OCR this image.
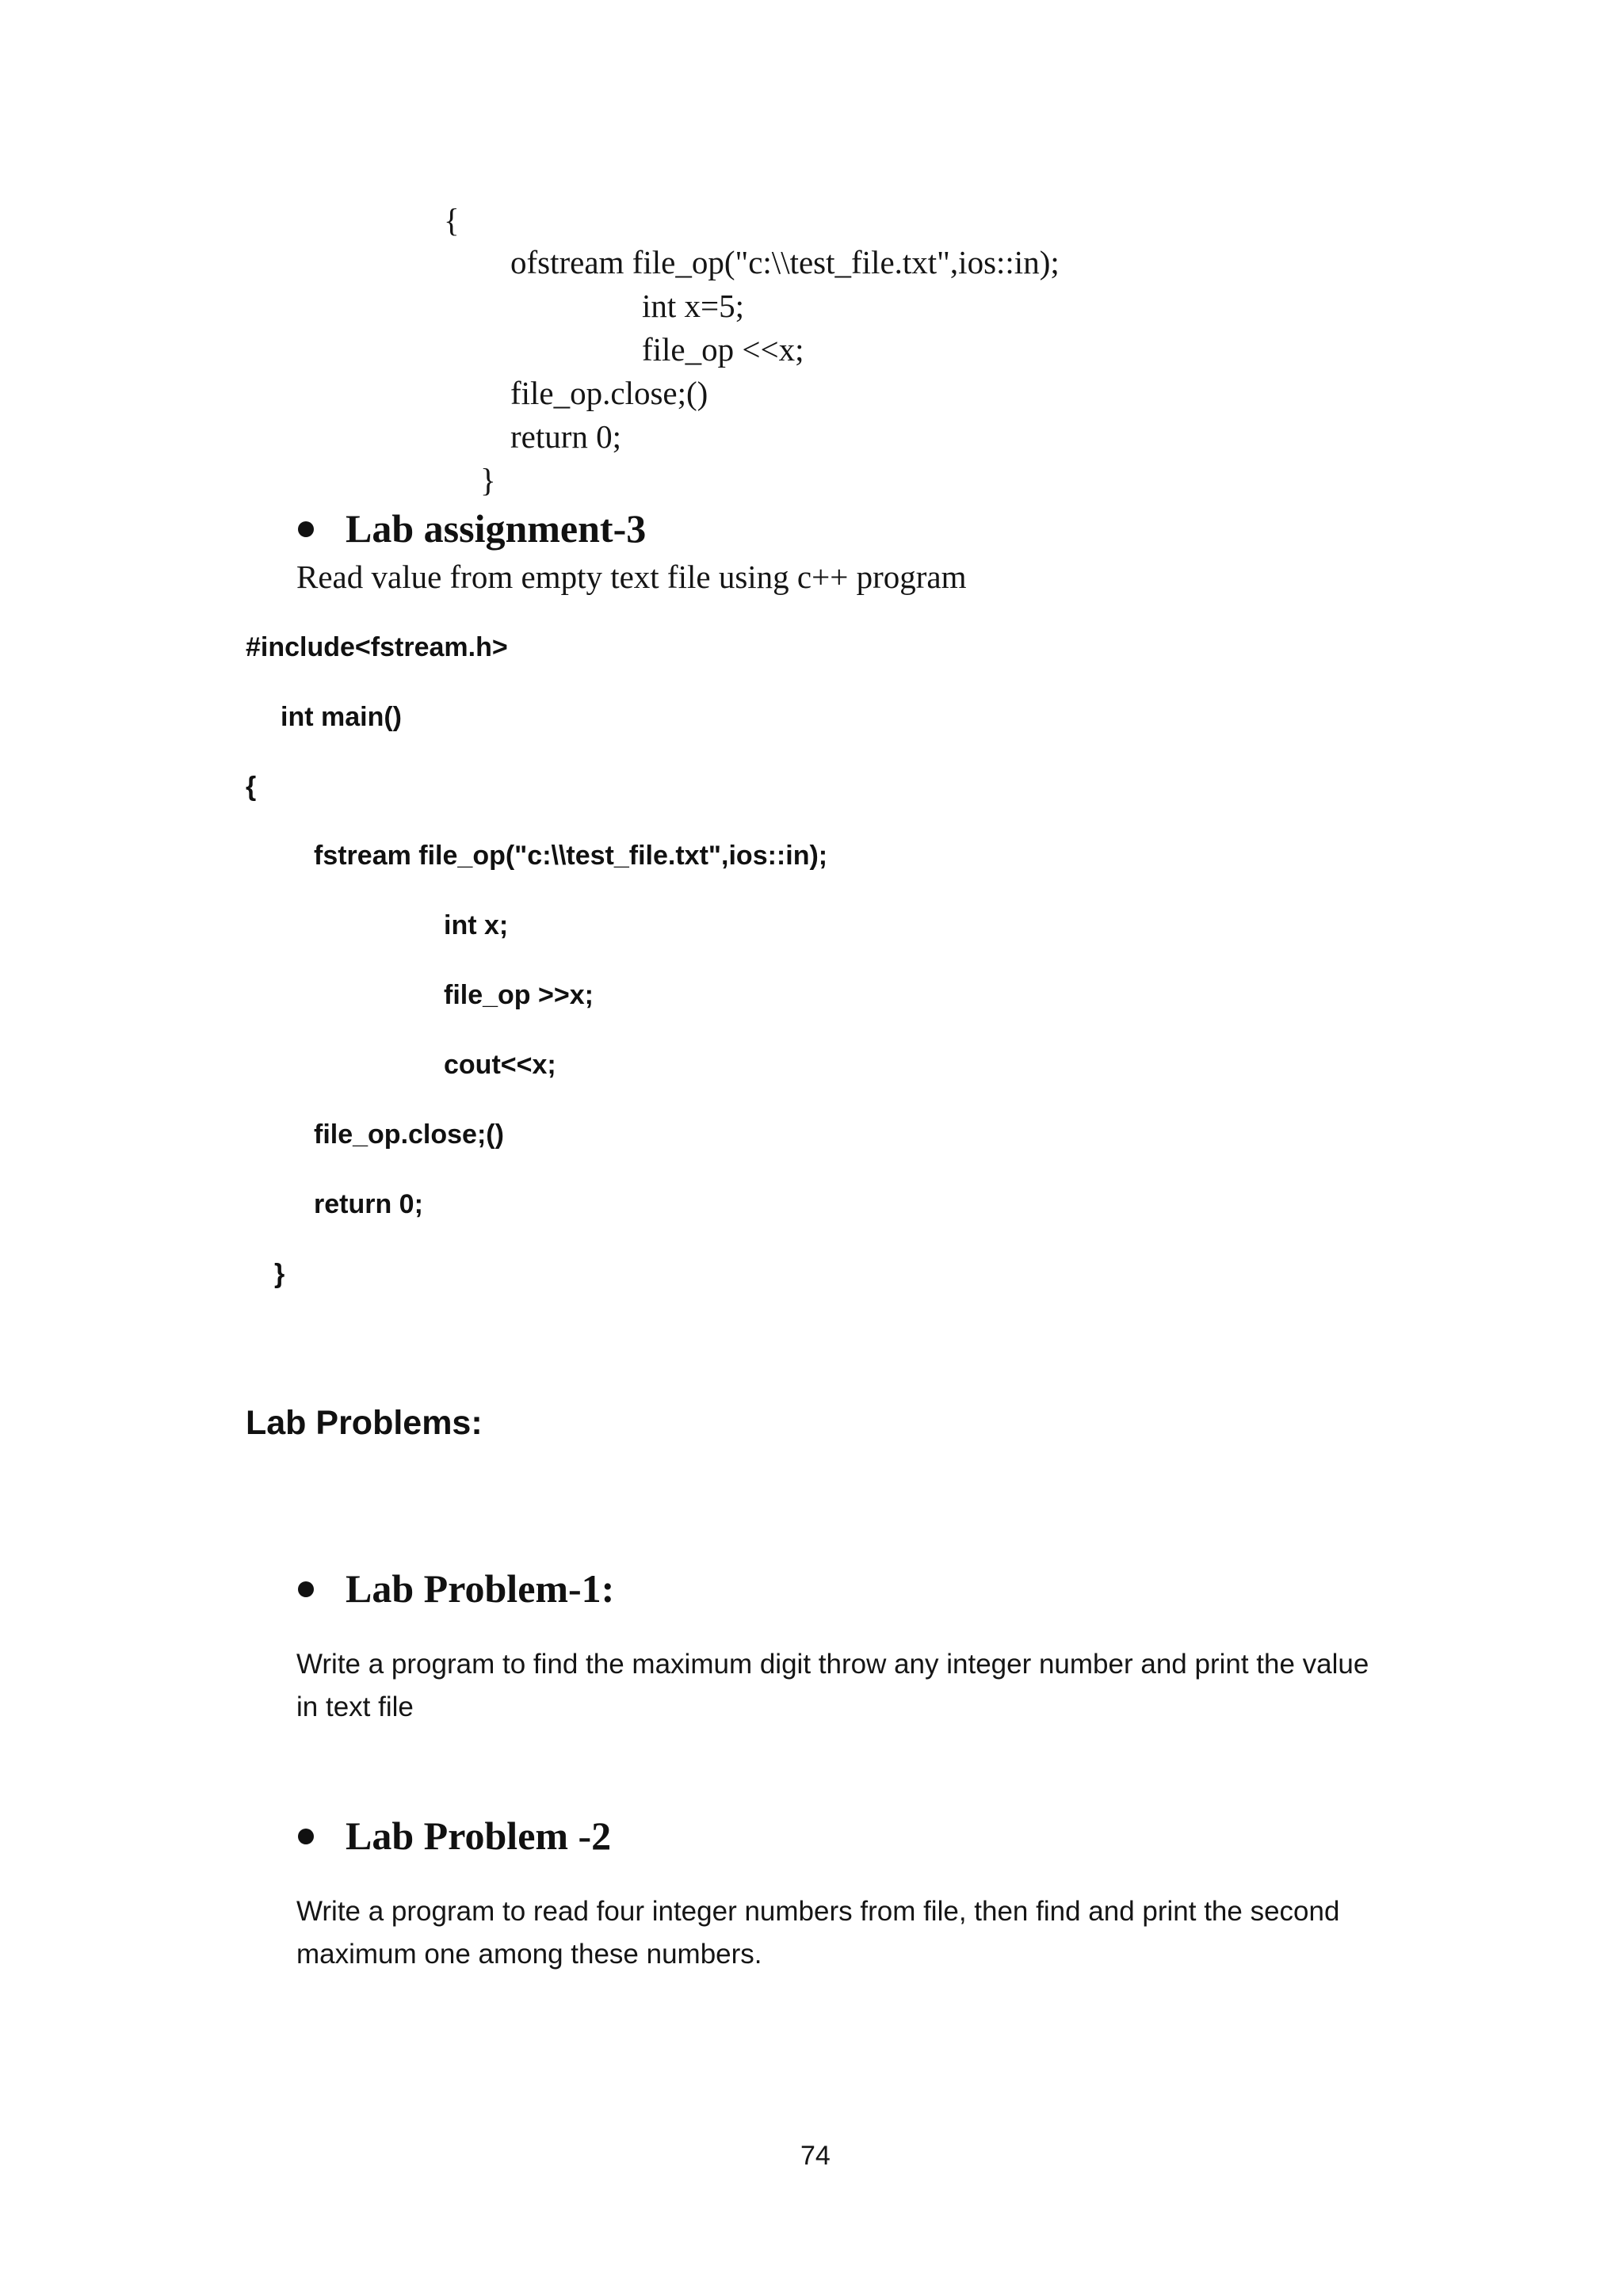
{
ofstream file_op("c:\\test_file.txt",ios::in);
int x=5;
file_op <<x;
file_op.close;()
return 0;
}
Lab assignment-3
Read value from empty text file using c++ program
#include<fstream.h>
int main()
{
fstream file_op("c:\\test_file.txt",ios::in);
int x;
file_op >>x;
cout<<x;
file_op.close;()
return 0;
}
Lab Problems:
Lab Problem-1:
Write a program to find the maximum digit throw any integer number and print the value in text file
Lab Problem -2
Write a program to read four integer numbers from file, then find and print the second maximum one among these numbers.
74
